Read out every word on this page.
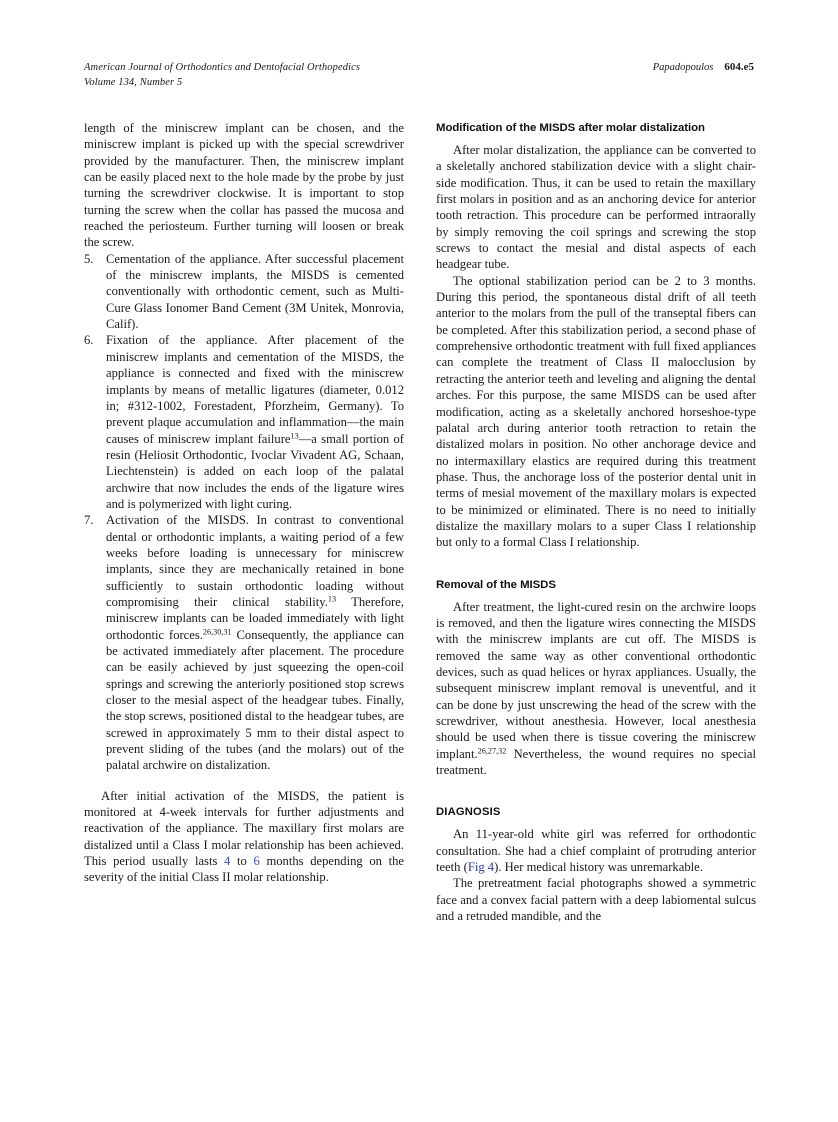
American Journal of Orthodontics and Dentofacial Orthopedics
Volume 134, Number 5
Papadopoulos 604.e5

length of the miniscrew implant can be chosen, and the miniscrew implant is picked up with the special screwdriver provided by the manufacturer. Then, the miniscrew implant can be easily placed next to the hole made by the probe by just turning the screwdriver clockwise. It is important to stop turning the screw when the collar has passed the mucosa and reached the periosteum. Further turning will loosen or break the screw.

5. Cementation of the appliance. After successful placement of the miniscrew implants, the MISDS is cemented conventionally with orthodontic cement, such as Multi-Cure Glass Ionomer Band Cement (3M Unitek, Monrovia, Calif).
6. Fixation of the appliance. After placement of the miniscrew implants and cementation of the MISDS, the appliance is connected and fixed with the miniscrew implants by means of metallic ligatures (diameter, 0.012 in; #312-1002, Forestadent, Pforzheim, Germany). To prevent plaque accumulation and inflammation—the main causes of miniscrew implant failure$^{13}$—a small portion of resin (Heliosit Orthodontic, Ivoclar Vivadent AG, Schaan, Liechtenstein) is added on each loop of the palatal archwire that now includes the ends of the ligature wires and is polymerized with light curing.
7. Activation of the MISDS. In contrast to conventional dental or orthodontic implants, a waiting period of a few weeks before loading is unnecessary for miniscrew implants, since they are mechanically retained in bone sufficiently to sustain orthodontic loading without compromising their clinical stability.$^{13}$ Therefore, miniscrew implants can be loaded immediately with light orthodontic forces.$^{26,30,31}$ Consequently, the appliance can be activated immediately after placement. The procedure can be easily achieved by just squeezing the open-coil springs and screwing the anteriorly positioned stop screws closer to the mesial aspect of the headgear tubes. Finally, the stop screws, positioned distal to the headgear tubes, are screwed in approximately 5 mm to their distal aspect to prevent sliding of the tubes (and the molars) out of the palatal archwire on distalization.

After initial activation of the MISDS, the patient is monitored at 4-week intervals for further adjustments and reactivation of the appliance. The maxillary first molars are distalized until a Class I molar relationship has been achieved. This period usually lasts 4 to 6 months depending on the severity of the initial Class II molar relationship.

Modification of the MISDS after molar distalization

After molar distalization, the appliance can be converted to a skeletally anchored stabilization device with a slight chair-side modification. Thus, it can be used to retain the maxillary first molars in position and as an anchoring device for anterior tooth retraction. This procedure can be performed intraorally by simply removing the coil springs and screwing the stop screws to contact the mesial and distal aspects of each headgear tube.

The optional stabilization period can be 2 to 3 months. During this period, the spontaneous distal drift of all teeth anterior to the molars from the pull of the transeptal fibers can be completed. After this stabilization period, a second phase of comprehensive orthodontic treatment with full fixed appliances can complete the treatment of Class II malocclusion by retracting the anterior teeth and leveling and aligning the dental arches. For this purpose, the same MISDS can be used after modification, acting as a skeletally anchored horseshoe-type palatal arch during anterior tooth retraction to retain the distalized molars in position. No other anchorage device and no intermaxillary elastics are required during this treatment phase. Thus, the anchorage loss of the posterior dental unit in terms of mesial movement of the maxillary molars is expected to be minimized or eliminated. There is no need to initially distalize the maxillary molars to a super Class I relationship but only to a formal Class I relationship.

Removal of the MISDS

After treatment, the light-cured resin on the archwire loops is removed, and then the ligature wires connecting the MISDS with the miniscrew implants are cut off. The MISDS is removed the same way as other conventional orthodontic devices, such as quad helices or hyrax appliances. Usually, the subsequent miniscrew implant removal is uneventful, and it can be done by just unscrewing the head of the screw with the screwdriver, without anesthesia. However, local anesthesia should be used when there is tissue covering the miniscrew implant.$^{26,27,32}$ Nevertheless, the wound requires no special treatment.

DIAGNOSIS

An 11-year-old white girl was referred for orthodontic consultation. She had a chief complaint of protruding anterior teeth (Fig 4). Her medical history was unremarkable.

The pretreatment facial photographs showed a symmetric face and a convex facial pattern with a deep labiomental sulcus and a retruded mandible, and the
